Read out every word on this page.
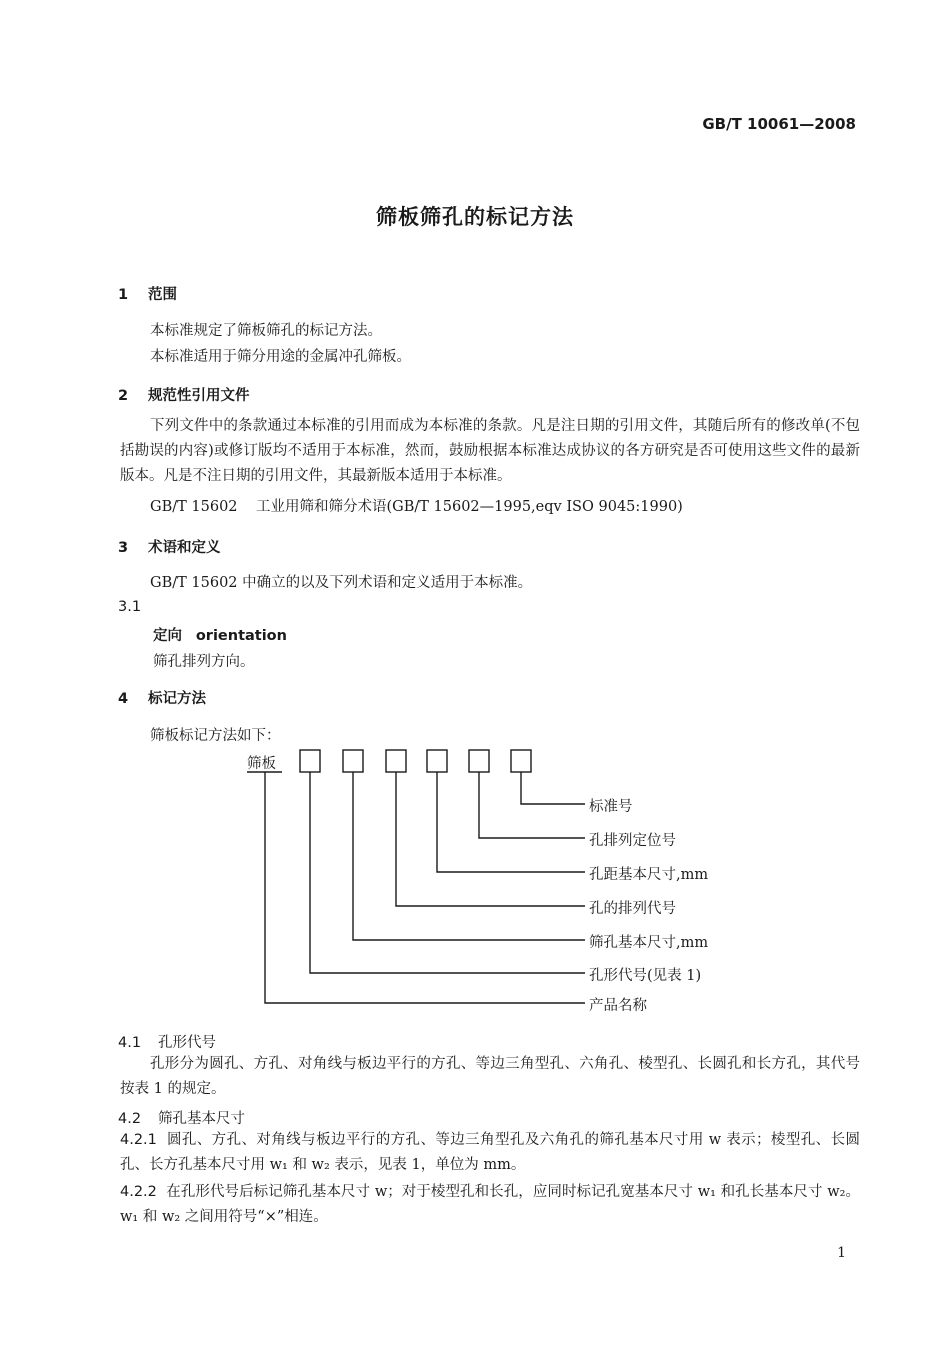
GB/T 10061—2008
筛板筛孔的标记方法
1 范围
本标准规定了筛板筛孔的标记方法。
本标准适用于筛分用途的金属冲孔筛板。
2 规范性引用文件
下列文件中的条款通过本标准的引用而成为本标准的条款。凡是注日期的引用文件，其随后所有的修改单(不包括勘误的内容)或修订版均不适用于本标准，然而，鼓励根据本标准达成协议的各方研究是否可使用这些文件的最新版本。凡是不注日期的引用文件，其最新版本适用于本标准。
GB/T 15602 工业用筛和筛分术语(GB/T 15602—1995,eqv ISO 9045:1990)
3 术语和定义
GB/T 15602 中确立的以及下列术语和定义适用于本标准。
3.1
定向 orientation
筛孔排列方向。
4 标记方法
筛板标记方法如下：
筛板
标准号
孔排列定位号
孔距基本尺寸,mm
孔的排列代号
筛孔基本尺寸,mm
孔形代号(见表 1)
产品名称
4.1 孔形代号
孔形分为圆孔、方孔、对角线与板边平行的方孔、等边三角型孔、六角孔、棱型孔、长圆孔和长方孔，其代号按表 1 的规定。
4.2 筛孔基本尺寸
4.2.1 圆孔、方孔、对角线与板边平行的方孔、等边三角型孔及六角孔的筛孔基本尺寸用 w 表示；棱型孔、长圆孔、长方孔基本尺寸用 w₁ 和 w₂ 表示，见表 1，单位为 mm。
4.2.2 在孔形代号后标记筛孔基本尺寸 w；对于棱型孔和长孔，应同时标记孔宽基本尺寸 w₁ 和孔长基本尺寸 w₂。w₁ 和 w₂ 之间用符号“×”相连。
1
